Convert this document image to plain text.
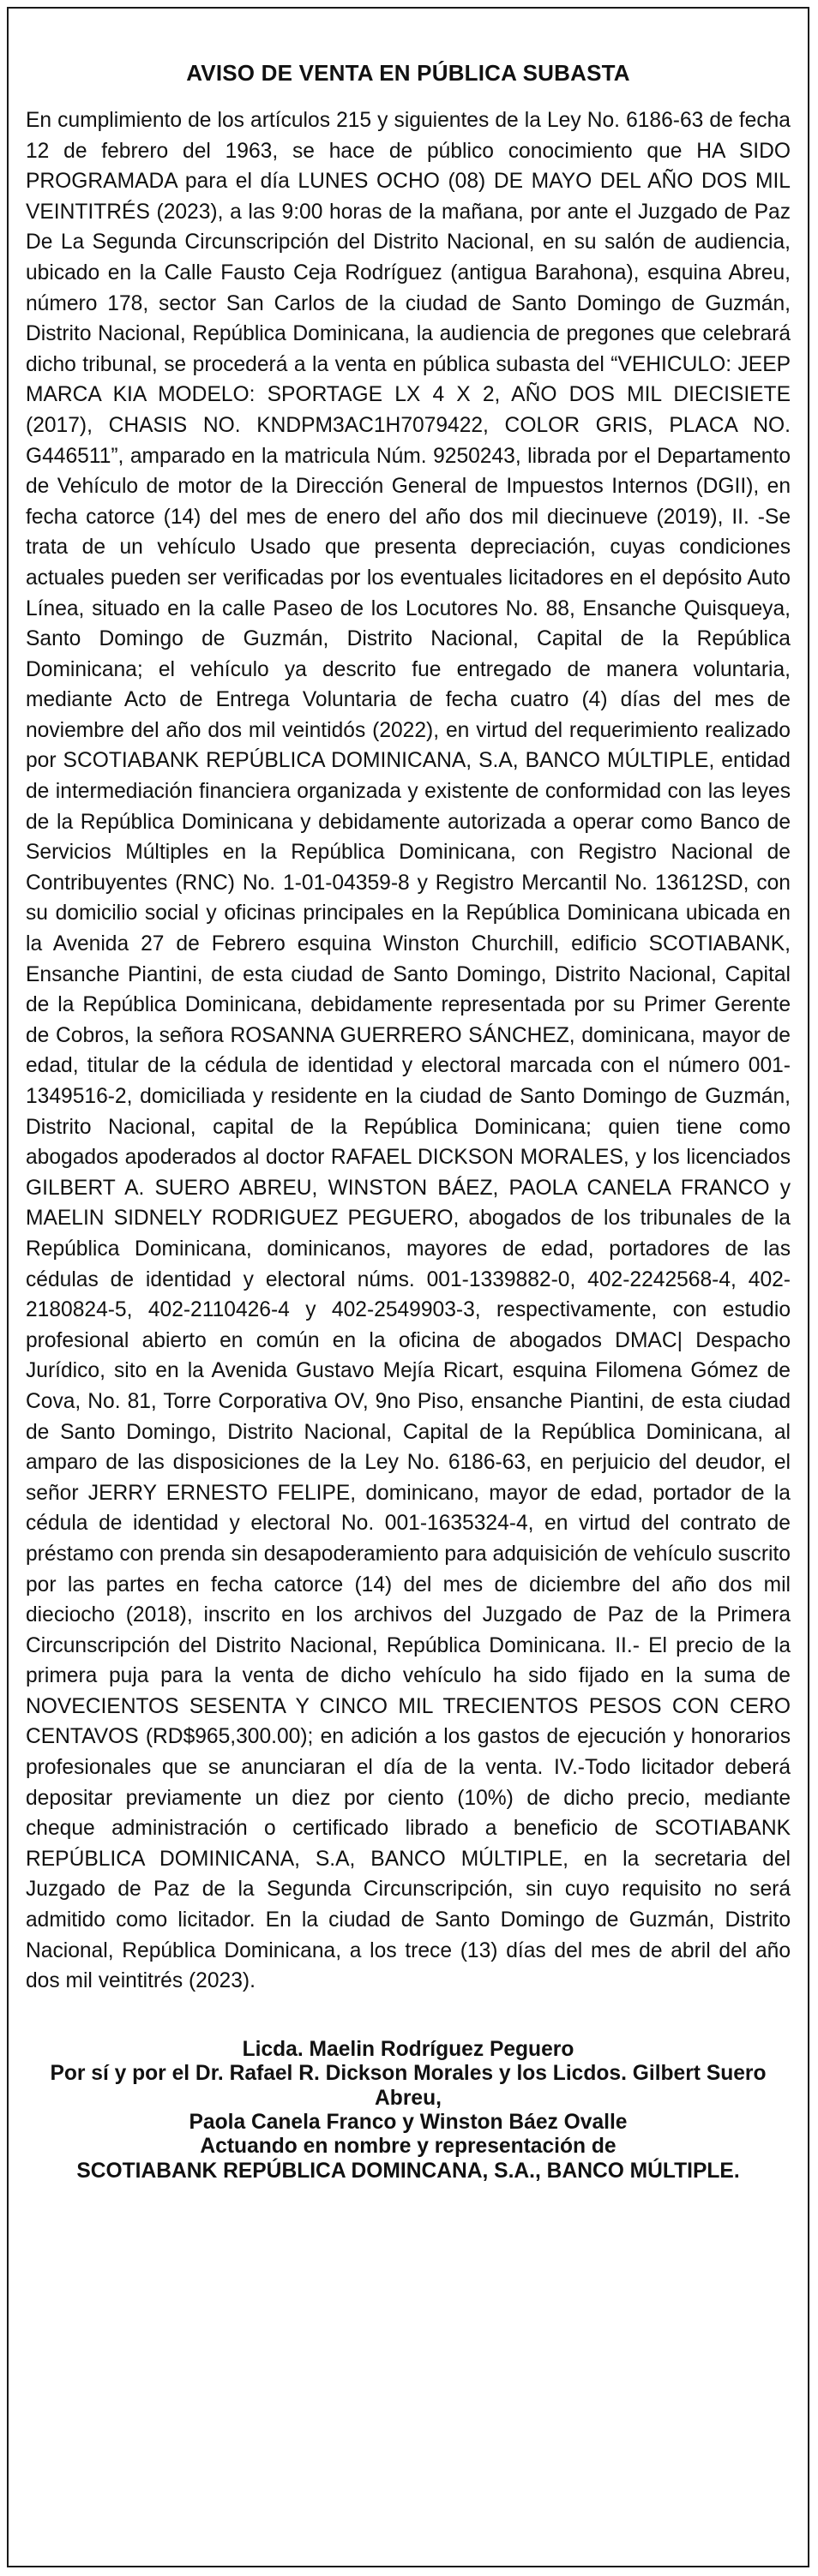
AVISO DE VENTA EN PÚBLICA SUBASTA

En cumplimiento de los artículos 215 y siguientes de la Ley No. 6186-63 de fecha 12 de febrero del 1963, se hace de público conocimiento que HA SIDO PROGRAMADA para el día LUNES OCHO (08) DE MAYO DEL AÑO DOS MIL VEINTITRÉS (2023), a las 9:00 horas de la mañana, por ante el Juzgado de Paz De La Segunda Circunscripción del Distrito Nacional, en su salón de audiencia, ubicado en la Calle Fausto Ceja Rodríguez (antigua Barahona), esquina Abreu, número 178, sector San Carlos de la ciudad de Santo Domingo de Guzmán, Distrito Nacional, República Dominicana, la audiencia de pregones que celebrará dicho tribunal, se procederá a la venta en pública subasta del “VEHICULO: JEEP MARCA KIA MODELO: SPORTAGE LX 4 X 2, AÑO DOS MIL DIECISIETE (2017), CHASIS NO. KNDPM3AC1H7079422, COLOR GRIS, PLACA NO. G446511”, amparado en la matricula Núm. 9250243, librada por el Departamento de Vehículo de motor de la Dirección General de Impuestos Internos (DGII), en fecha catorce (14) del mes de enero del año dos mil diecinueve (2019), II. -Se trata de un vehículo Usado que presenta depreciación, cuyas condiciones actuales pueden ser verificadas por los eventuales licitadores en el depósito Auto Línea, situado en la calle Paseo de los Locutores No. 88, Ensanche Quisqueya, Santo Domingo de Guzmán, Distrito Nacional, Capital de la República Dominicana; el vehículo ya descrito fue entregado de manera voluntaria, mediante Acto de Entrega Voluntaria de fecha cuatro (4) días del mes de noviembre del año dos mil veintidós (2022), en virtud del requerimiento realizado por SCOTIABANK REPÚBLICA DOMINICANA, S.A, BANCO MÚLTIPLE, entidad de intermediación financiera organizada y existente de conformidad con las leyes de la República Dominicana y debidamente autorizada a operar como Banco de Servicios Múltiples en la República Dominicana, con Registro Nacional de Contribuyentes (RNC) No. 1-01-04359-8 y Registro Mercantil No. 13612SD, con su domicilio social y oficinas principales en la República Dominicana ubicada en la Avenida 27 de Febrero esquina Winston Churchill, edificio SCOTIABANK, Ensanche Piantini, de esta ciudad de Santo Domingo, Distrito Nacional, Capital de la República Dominicana, debidamente representada por su Primer Gerente de Cobros, la señora ROSANNA GUERRERO SÁNCHEZ, dominicana, mayor de edad, titular de la cédula de identidad y electoral marcada con el número 001-1349516-2, domiciliada y residente en la ciudad de Santo Domingo de Guzmán, Distrito Nacional, capital de la República Dominicana; quien tiene como abogados apoderados al doctor RAFAEL DICKSON MORALES, y los licenciados GILBERT A. SUERO ABREU, WINSTON BÁEZ, PAOLA CANELA FRANCO y MAELIN SIDNELY RODRIGUEZ PEGUERO, abogados de los tribunales de la República Dominicana, dominicanos, mayores de edad, portadores de las cédulas de identidad y electoral núms. 001-1339882-0, 402-2242568-4, 402-2180824-5, 402-2110426-4 y 402-2549903-3, respectivamente, con estudio profesional abierto en común en la oficina de abogados DMAC| Despacho Jurídico, sito en la Avenida Gustavo Mejía Ricart, esquina Filomena Gómez de Cova, No. 81, Torre Corporativa OV, 9no Piso, ensanche Piantini, de esta ciudad de Santo Domingo, Distrito Nacional, Capital de la República Dominicana, al amparo de las disposiciones de la Ley No. 6186-63, en perjuicio del deudor, el señor JERRY ERNESTO FELIPE, dominicano, mayor de edad, portador de la cédula de identidad y electoral No. 001-1635324-4, en virtud del contrato de préstamo con prenda sin desapoderamiento para adquisición de vehículo suscrito por las partes en fecha catorce (14) del mes de diciembre del año dos mil dieciocho (2018), inscrito en los archivos del Juzgado de Paz de la Primera Circunscripción del Distrito Nacional, República Dominicana. II.- El precio de la primera puja para la venta de dicho vehículo ha sido fijado en la suma de NOVECIENTOS SESENTA Y CINCO MIL TRECIENTOS PESOS CON CERO CENTAVOS (RD$965,300.00); en adición a los gastos de ejecución y honorarios profesionales que se anunciaran el día de la venta. IV.-Todo licitador deberá depositar previamente un diez por ciento (10%) de dicho precio, mediante cheque administración o certificado librado a beneficio de SCOTIABANK REPÚBLICA DOMINICANA, S.A, BANCO MÚLTIPLE, en la secretaria del Juzgado de Paz de la Segunda Circunscripción, sin cuyo requisito no será admitido como licitador. En la ciudad de Santo Domingo de Guzmán, Distrito Nacional, República Dominicana, a los trece (13) días del mes de abril del año dos mil veintitrés (2023).

Licda. Maelin Rodríguez Peguero
Por sí y por el Dr. Rafael R. Dickson Morales y los Licdos. Gilbert Suero Abreu,
Paola Canela Franco y Winston Báez Ovalle
Actuando en nombre y representación de
SCOTIABANK REPÚBLICA DOMINCANA, S.A., BANCO MÚLTIPLE.
